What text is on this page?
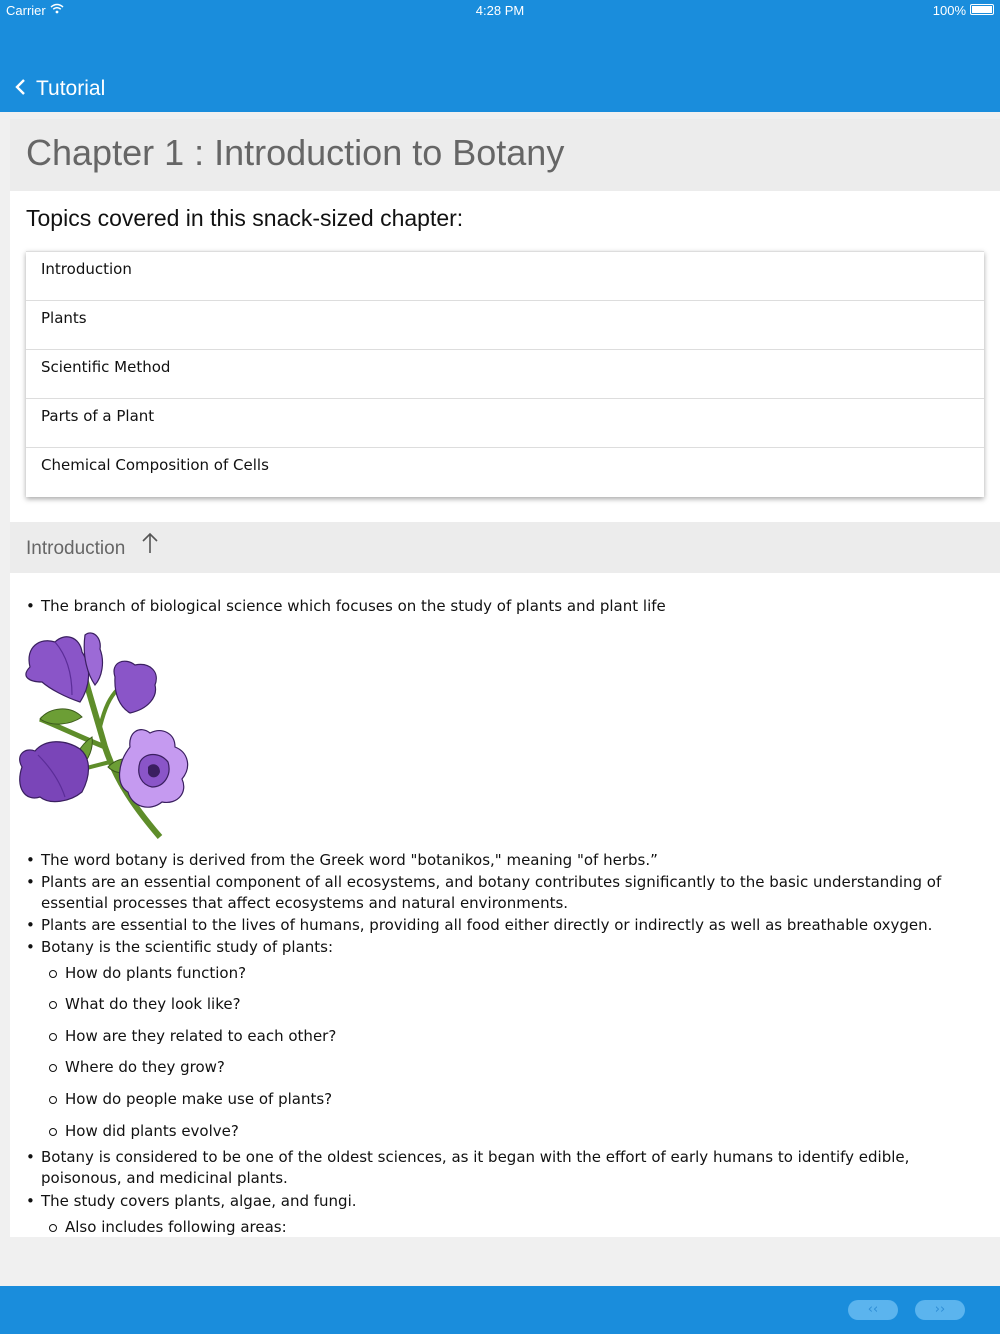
Carrier	4:28 PM	100%
Tutorial
Chapter 1 : Introduction to Botany
Topics covered in this snack-sized chapter:
Introduction
Plants
Scientific Method
Parts of a Plant
Chemical Composition of Cells
Introduction
• The branch of biological science which focuses on the study of plants and plant life
• The word botany is derived from the Greek word "botanikos," meaning "of herbs.”
• Plants are an essential component of all ecosystems, and botany contributes significantly to the basic understanding of essential processes that affect ecosystems and natural environments.
• Plants are essential to the lives of humans, providing all food either directly or indirectly as well as breathable oxygen.
• Botany is the scientific study of plants:
How do plants function?
What do they look like?
How are they related to each other?
Where do they grow?
How do people make use of plants?
How did plants evolve?
• Botany is considered to be one of the oldest sciences, as it began with the effort of early humans to identify edible, poisonous, and medicinal plants.
• The study covers plants, algae, and fungi.
Also includes following areas:
‹‹	››
